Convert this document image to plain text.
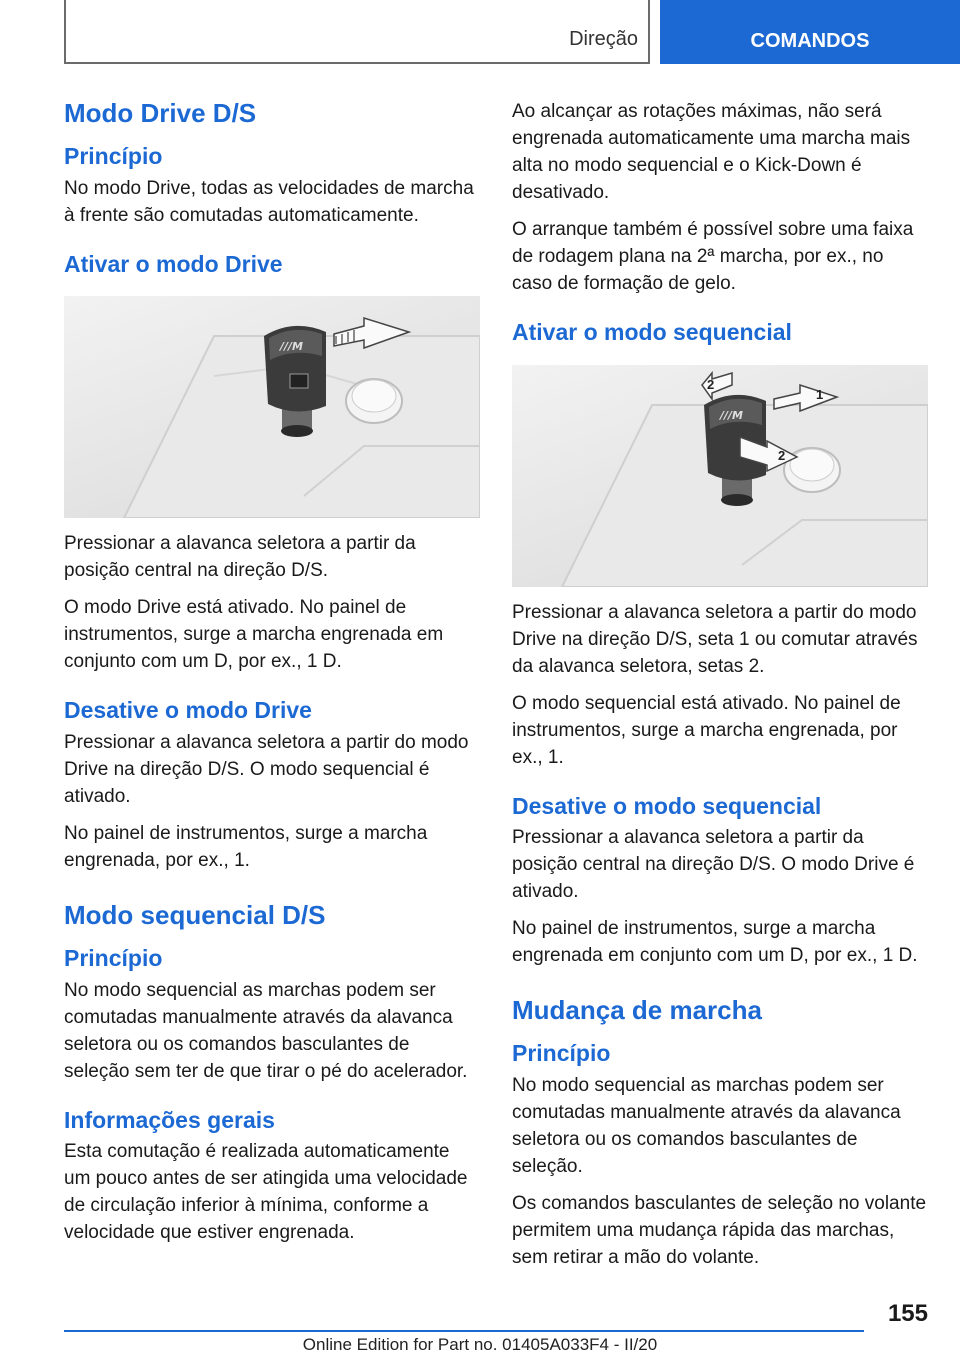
Direção	COMANDOS
Modo Drive D/S
Princípio

No modo Drive, todas as velocidades de marcha à frente são comutadas automaticamente.

Ativar o modo Drive
///M

Pressionar a alavanca seletora a partir da posição central na direção D/S.

O modo Drive está ativado. No painel de instrumentos, surge a marcha engrenada em conjunto com um D, por ex., 1 D.

Desative o modo Drive

Pressionar a alavanca seletora a partir do modo Drive na direção D/S. O modo sequencial é ativado.

No painel de instrumentos, surge a marcha engrenada, por ex., 1.

Modo sequencial D/S
Princípio

No modo sequencial as marchas podem ser comutadas manualmente através da alavanca seletora ou os comandos basculantes de seleção sem ter de que tirar o pé do acelerador.

Informações gerais

Esta comutação é realizada automaticamente um pouco antes de ser atingida uma velocidade de circulação inferior à mínima, conforme a velocidade que estiver engrenada.

Ao alcançar as rotações máximas, não será engrenada automaticamente uma marcha mais alta no modo sequencial e o Kick-Down é desativado.

O arranque também é possível sobre uma faixa de rodagem plana na 2ª marcha, por ex., no caso de formação de gelo.

Ativar o modo sequencial
///M
1
2
2

Pressionar a alavanca seletora a partir do modo Drive na direção D/S, seta 1 ou comutar através da alavanca seletora, setas 2.

O modo sequencial está ativado. No painel de instrumentos, surge a marcha engrenada, por ex., 1.

Desative o modo sequencial

Pressionar a alavanca seletora a partir da posição central na direção D/S. O modo Drive é ativado.

No painel de instrumentos, surge a marcha engrenada em conjunto com um D, por ex., 1 D.

Mudança de marcha
Princípio

No modo sequencial as marchas podem ser comutadas manualmente através da alavanca seletora ou os comandos basculantes de seleção.

Os comandos basculantes de seleção no volante permitem uma mudança rápida das marchas, sem retirar a mão do volante.

155
Online Edition for Part no. 01405A033F4 - II/20
